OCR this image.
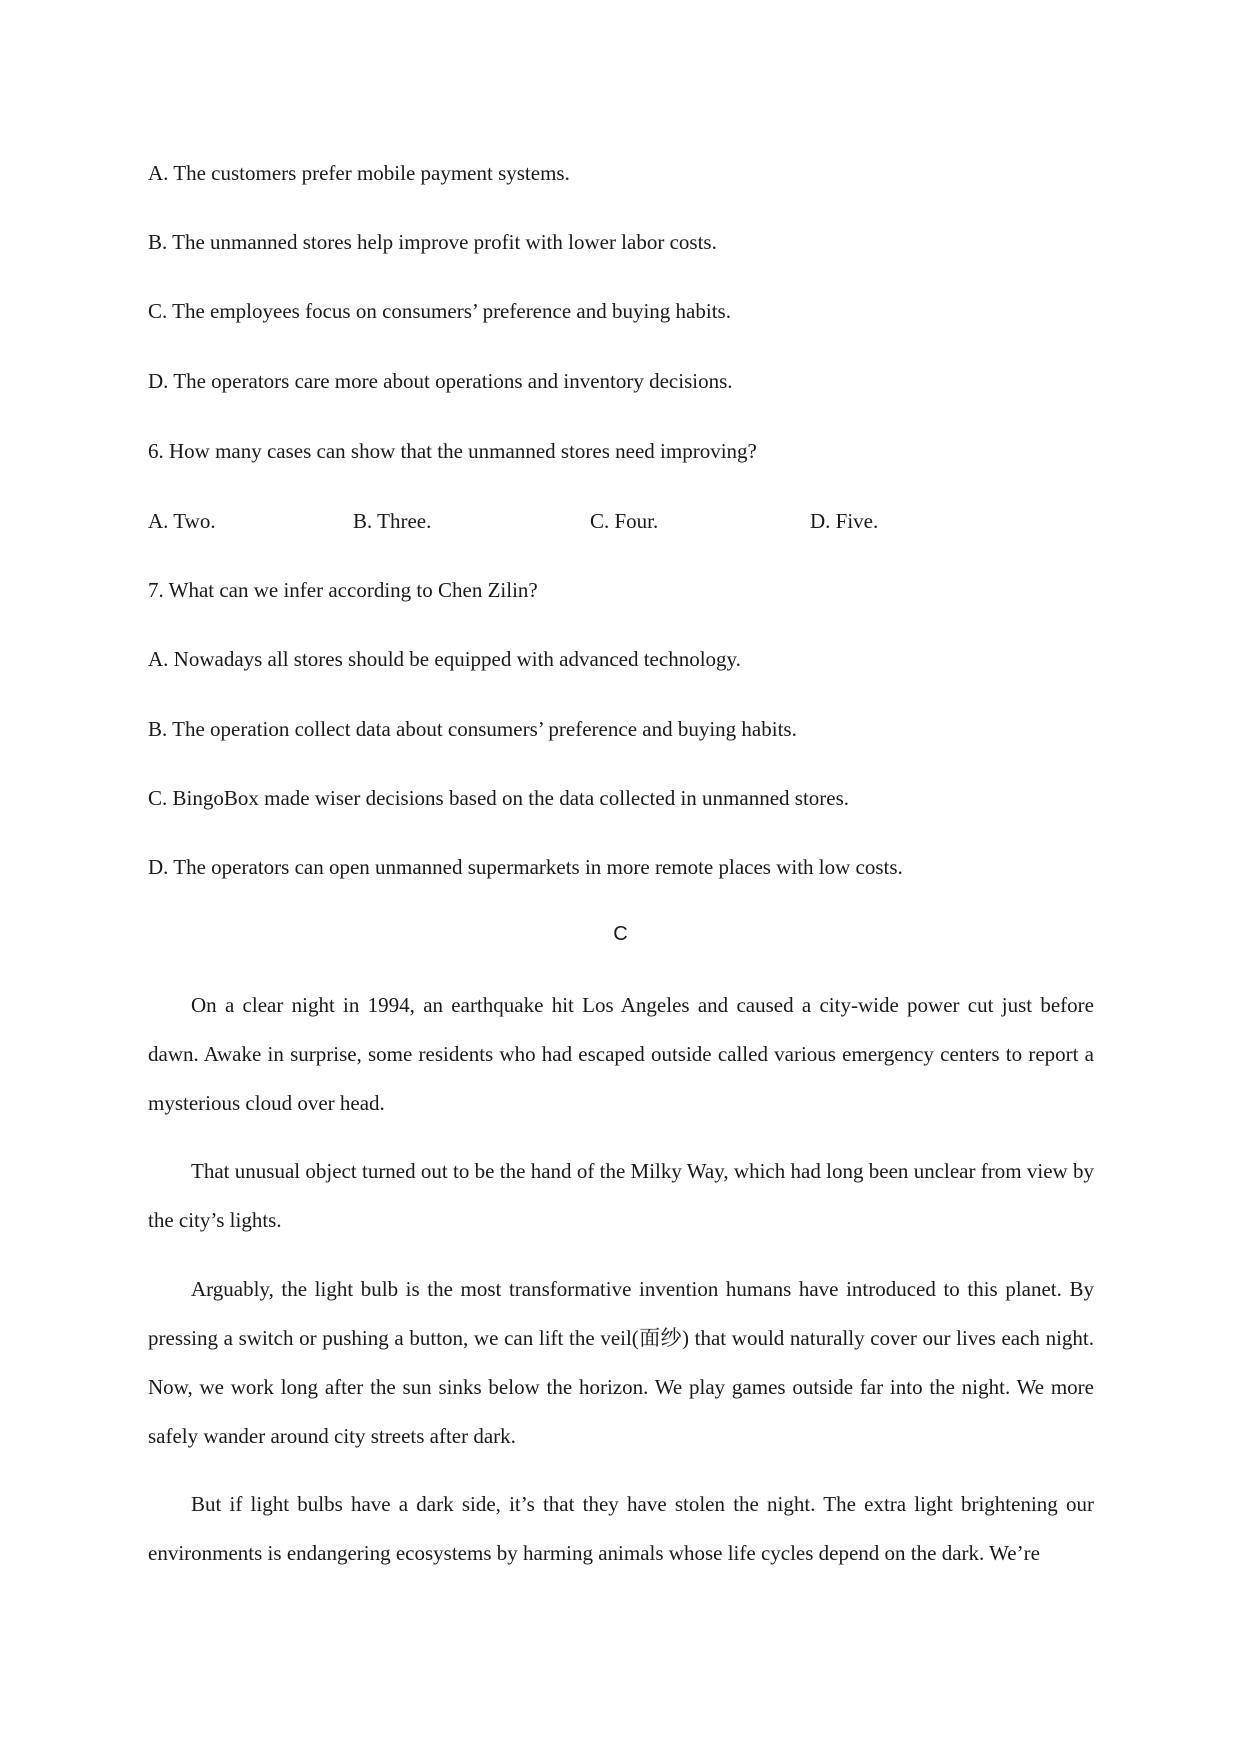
A. The customers prefer mobile payment systems.
B. The unmanned stores help improve profit with lower labor costs.
C. The employees focus on consumers’ preference and buying habits.
D. The operators care more about operations and inventory decisions.
6. How many cases can show that the unmanned stores need improving?
A. Two.	B. Three.	C. Four.	D. Five.
7. What can we infer according to Chen Zilin?
A. Nowadays all stores should be equipped with advanced technology.
B. The operation collect data about consumers’ preference and buying habits.
C. BingoBox made wiser decisions based on the data collected in unmanned stores.
D. The operators can open unmanned supermarkets in more remote places with low costs.
C

On a clear night in 1994, an earthquake hit Los Angeles and caused a city-wide power cut just before dawn. Awake in surprise, some residents who had escaped outside called various emergency centers to report a mysterious cloud over head.

That unusual object turned out to be the hand of the Milky Way, which had long been unclear from view by the city’s lights.

Arguably, the light bulb is the most transformative invention humans have introduced to this planet. By pressing a switch or pushing a button, we can lift the veil(面纱) that would naturally cover our lives each night. Now, we work long after the sun sinks below the horizon. We play games outside far into the night. We more safely wander around city streets after dark.

But if light bulbs have a dark side, it’s that they have stolen the night. The extra light brightening our environments is endangering ecosystems by harming animals whose life cycles depend on the dark. We’re
